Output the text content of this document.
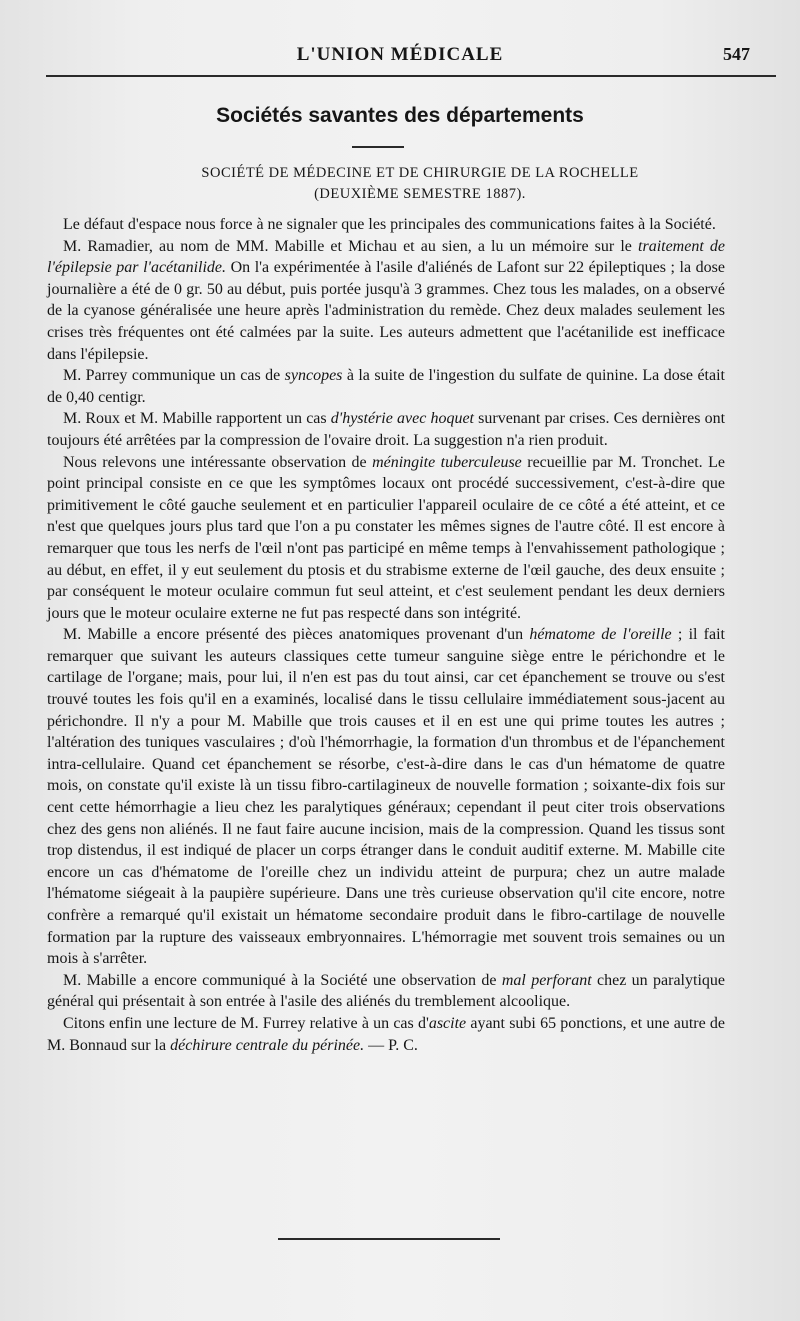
L'UNION MÉDICALE	547
Sociétés savantes des départements
SOCIÉTÉ DE MÉDECINE ET DE CHIRURGIE DE LA ROCHELLE
(DEUXIÈME SEMESTRE 1887).

Le défaut d'espace nous force à ne signaler que les principales des communications faites à la Société.

M. Ramadier, au nom de MM. Mabille et Michau et au sien, a lu un mémoire sur le traitement de l'épilepsie par l'acétanilide. On l'a expérimentée à l'asile d'aliénés de Lafont sur 22 épileptiques ; la dose journalière a été de 0 gr. 50 au début, puis portée jusqu'à 3 grammes. Chez tous les malades, on a observé de la cyanose généralisée une heure après l'administration du remède. Chez deux malades seulement les crises très fréquentes ont été calmées par la suite. Les auteurs admettent que l'acétanilide est inefficace dans l'épilepsie.

M. Parrey communique un cas de syncopes à la suite de l'ingestion du sulfate de quinine. La dose était de 0,40 centigr.

M. Roux et M. Mabille rapportent un cas d'hystérie avec hoquet survenant par crises. Ces dernières ont toujours été arrêtées par la compression de l'ovaire droit. La suggestion n'a rien produit.

Nous relevons une intéressante observation de méningite tuberculeuse recueillie par M. Tronchet. Le point principal consiste en ce que les symptômes locaux ont procédé successivement, c'est-à-dire que primitivement le côté gauche seulement et en particulier l'appareil oculaire de ce côté a été atteint, et ce n'est que quelques jours plus tard que l'on a pu constater les mêmes signes de l'autre côté. Il est encore à remarquer que tous les nerfs de l'œil n'ont pas participé en même temps à l'envahissement pathologique ; au début, en effet, il y eut seulement du ptosis et du strabisme externe de l'œil gauche, des deux ensuite ; par conséquent le moteur oculaire commun fut seul atteint, et c'est seulement pendant les deux derniers jours que le moteur oculaire externe ne fut pas respecté dans son intégrité.

M. Mabille a encore présenté des pièces anatomiques provenant d'un hématome de l'oreille ; il fait remarquer que suivant les auteurs classiques cette tumeur sanguine siège entre le périchondre et le cartilage de l'organe; mais, pour lui, il n'en est pas du tout ainsi, car cet épanchement se trouve ou s'est trouvé toutes les fois qu'il en a examinés, localisé dans le tissu cellulaire immédiatement sous-jacent au périchondre. Il n'y a pour M. Mabille que trois causes et il en est une qui prime toutes les autres ; l'altération des tuniques vasculaires ; d'où l'hémorrhagie, la formation d'un thrombus et de l'épanchement intra-cellulaire. Quand cet épanchement se résorbe, c'est-à-dire dans le cas d'un hématome de quatre mois, on constate qu'il existe là un tissu fibro-cartilagineux de nouvelle formation ; soixante-dix fois sur cent cette hémorrhagie a lieu chez les paralytiques généraux; cependant il peut citer trois observations chez des gens non aliénés. Il ne faut faire aucune incision, mais de la compression. Quand les tissus sont trop distendus, il est indiqué de placer un corps étranger dans le conduit auditif externe. M. Mabille cite encore un cas d'hématome de l'oreille chez un individu atteint de purpura; chez un autre malade l'hématome siégeait à la paupière supérieure. Dans une très curieuse observation qu'il cite encore, notre confrère a remarqué qu'il existait un hématome secondaire produit dans le fibro-cartilage de nouvelle formation par la rupture des vaisseaux embryonnaires. L'hémorragie met souvent trois semaines ou un mois à s'arrêter.

M. Mabille a encore communiqué à la Société une observation de mal perforant chez un paralytique général qui présentait à son entrée à l'asile des aliénés du tremblement alcoolique.

Citons enfin une lecture de M. Furrey relative à un cas d'ascite ayant subi 65 ponctions, et une autre de M. Bonnaud sur la déchirure centrale du périnée. — P. C.
